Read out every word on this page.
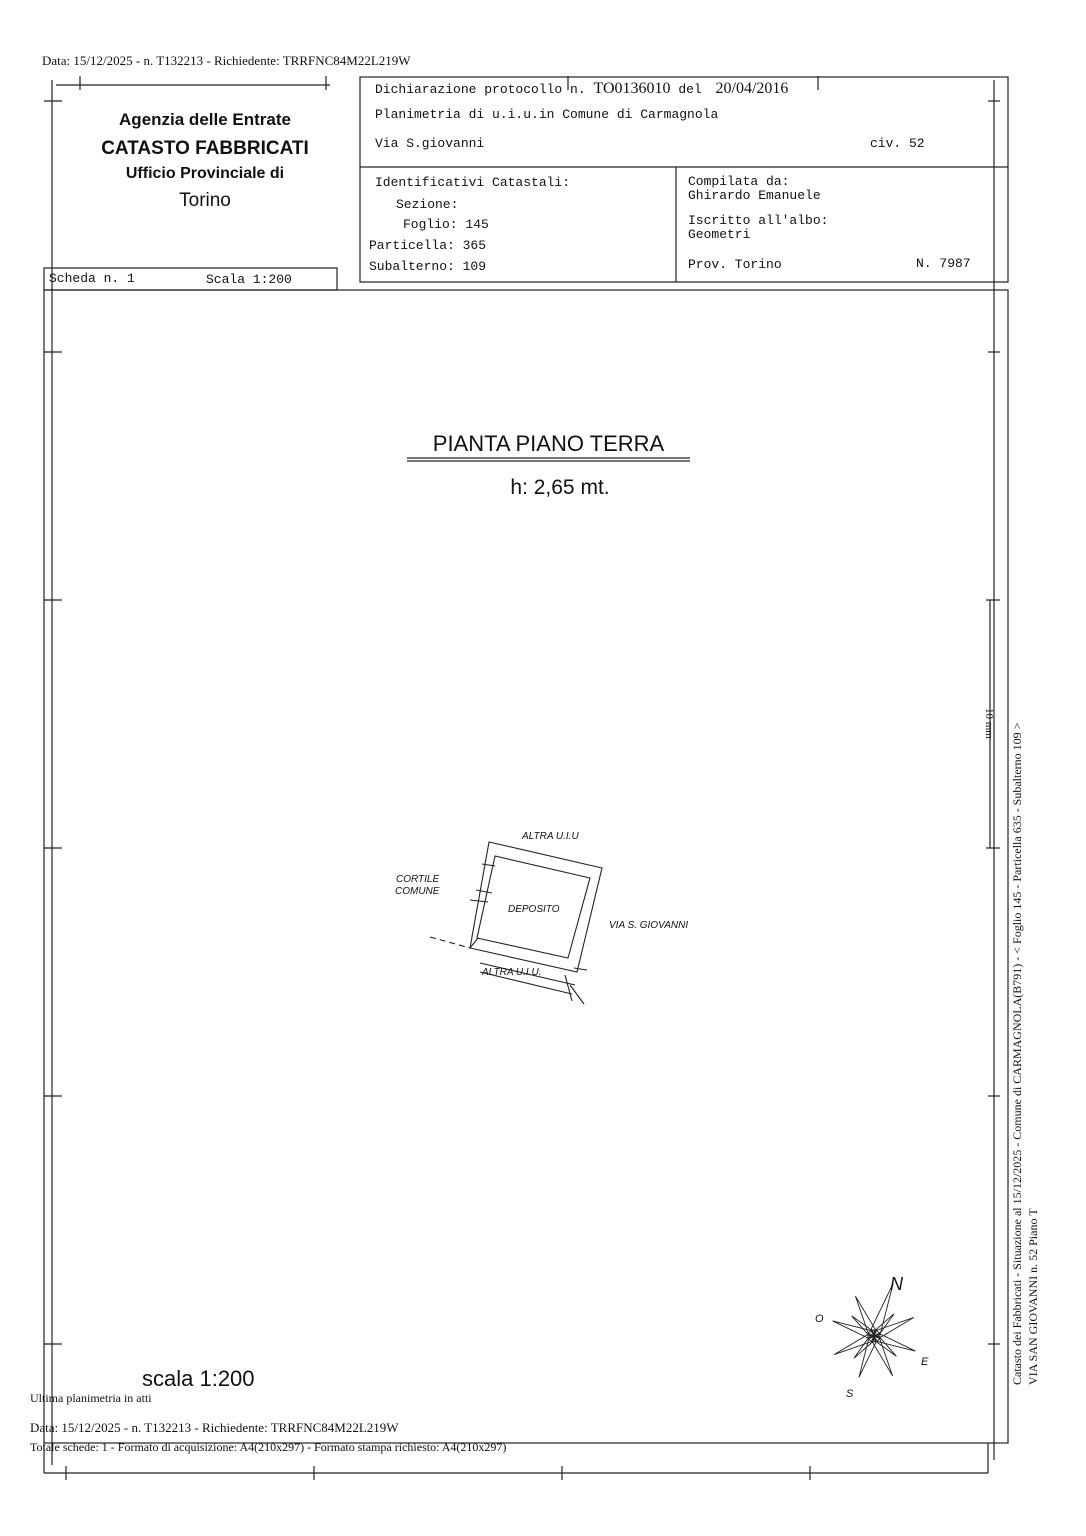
Data: 15/12/2025 - n. T132213 - Richiedente: TRRFNC84M22L219W
Agenzia delle Entrate
CATASTO FABBRICATI
Ufficio Provinciale di
Torino
Scheda n. 1	Scala 1:200
Dichiarazione protocollo n. TO0136010 del 20/04/2016
Planimetria di u.i.u.in Comune di Carmagnola
Via S.giovanni	civ. 52
Identificativi Catastali:
Sezione:
Foglio: 145
Particella: 365
Subalterno: 109
Compilata da:
Ghirardo Emanuele
Iscritto all'albo:
Geometri
Prov. Torino	N. 7987
PIANTA PIANO TERRA
h: 2,65 mt.
ALTRA U.I.U
CORTILE
COMUNE
DEPOSITO
VIA S. GIOVANNI
ALTRA U.I.U.
N
O
E
S
10 mm
scala 1:200
Ultima planimetria in atti
Data: 15/12/2025 - n. T132213 - Richiedente: TRRFNC84M22L219W
Totale schede: 1 - Formato di acquisizione: A4(210x297) - Formato stampa richiesto: A4(210x297)
Catasto dei Fabbricati - Situazione al 15/12/2025 - Comune di CARMAGNOLA(B791) - < Foglio 145 - Particella 635 - Subalterno 109 > VIA SAN GIOVANNI n. 52 Piano T
